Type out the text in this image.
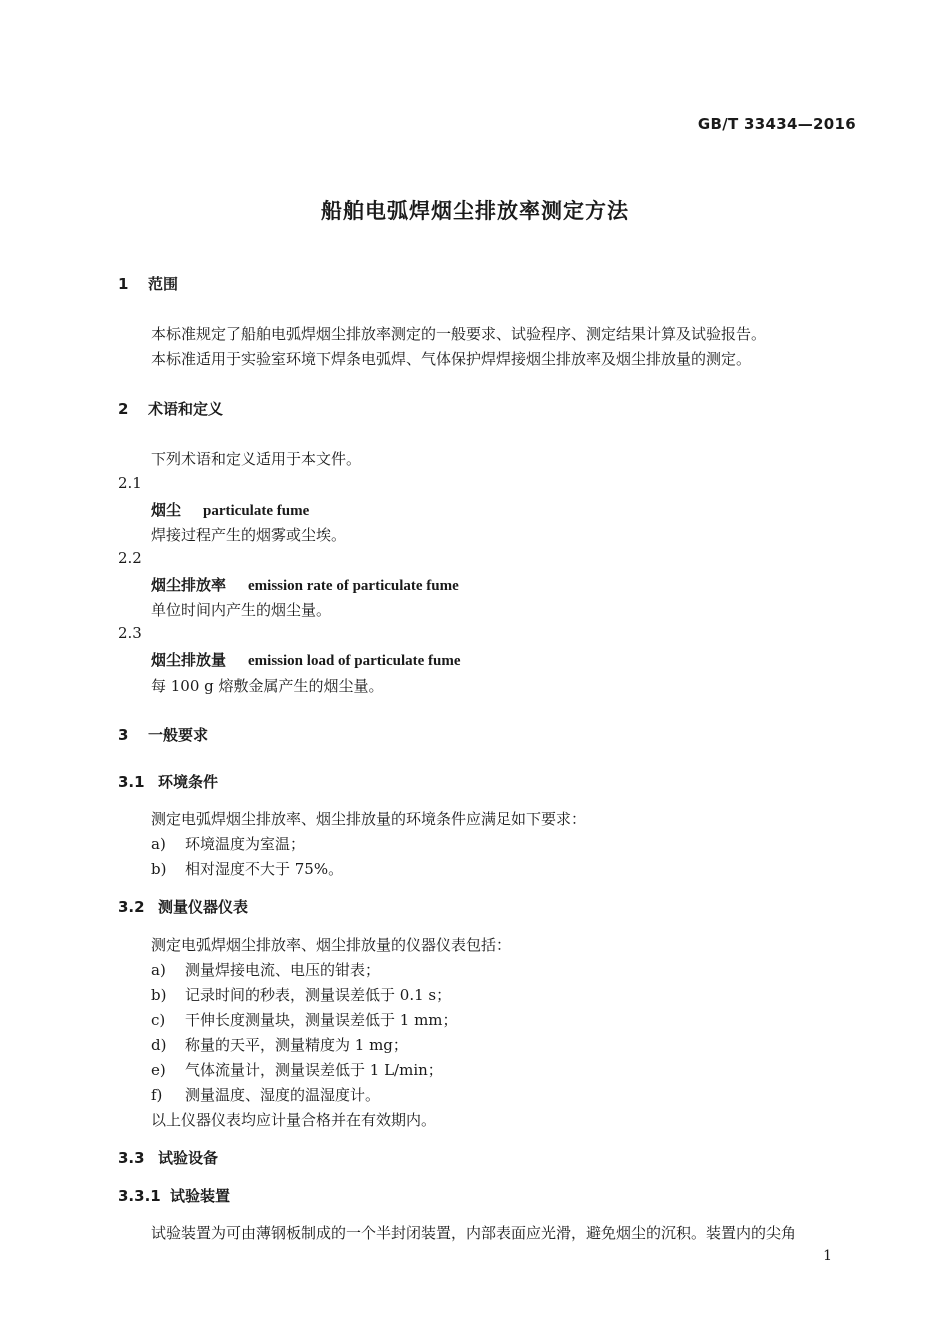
GB/T 33434—2016
船舶电弧焊烟尘排放率测定方法
1 范围
本标准规定了船舶电弧焊烟尘排放率测定的一般要求、试验程序、测定结果计算及试验报告。
本标准适用于实验室环境下焊条电弧焊、气体保护焊焊接烟尘排放率及烟尘排放量的测定。
2 术语和定义
下列术语和定义适用于本文件。
2.1
烟尘 particulate fume
焊接过程产生的烟雾或尘埃。
2.2
烟尘排放率 emission rate of particulate fume
单位时间内产生的烟尘量。
2.3
烟尘排放量 emission load of particulate fume
每 100 g 熔敷金属产生的烟尘量。
3 一般要求
3.1 环境条件
测定电弧焊烟尘排放率、烟尘排放量的环境条件应满足如下要求：
a) 环境温度为室温；
b) 相对湿度不大于 75%。
3.2 测量仪器仪表
测定电弧焊烟尘排放率、烟尘排放量的仪器仪表包括：
a) 测量焊接电流、电压的钳表；
b) 记录时间的秒表，测量误差低于 0.1 s；
c) 干伸长度测量块，测量误差低于 1 mm；
d) 称量的天平，测量精度为 1 mg；
e) 气体流量计，测量误差低于 1 L/min；
f) 测量温度、湿度的温湿度计。
以上仪器仪表均应计量合格并在有效期内。
3.3 试验设备
3.3.1 试验装置
试验装置为可由薄钢板制成的一个半封闭装置，内部表面应光滑，避免烟尘的沉积。装置内的尖角
1
